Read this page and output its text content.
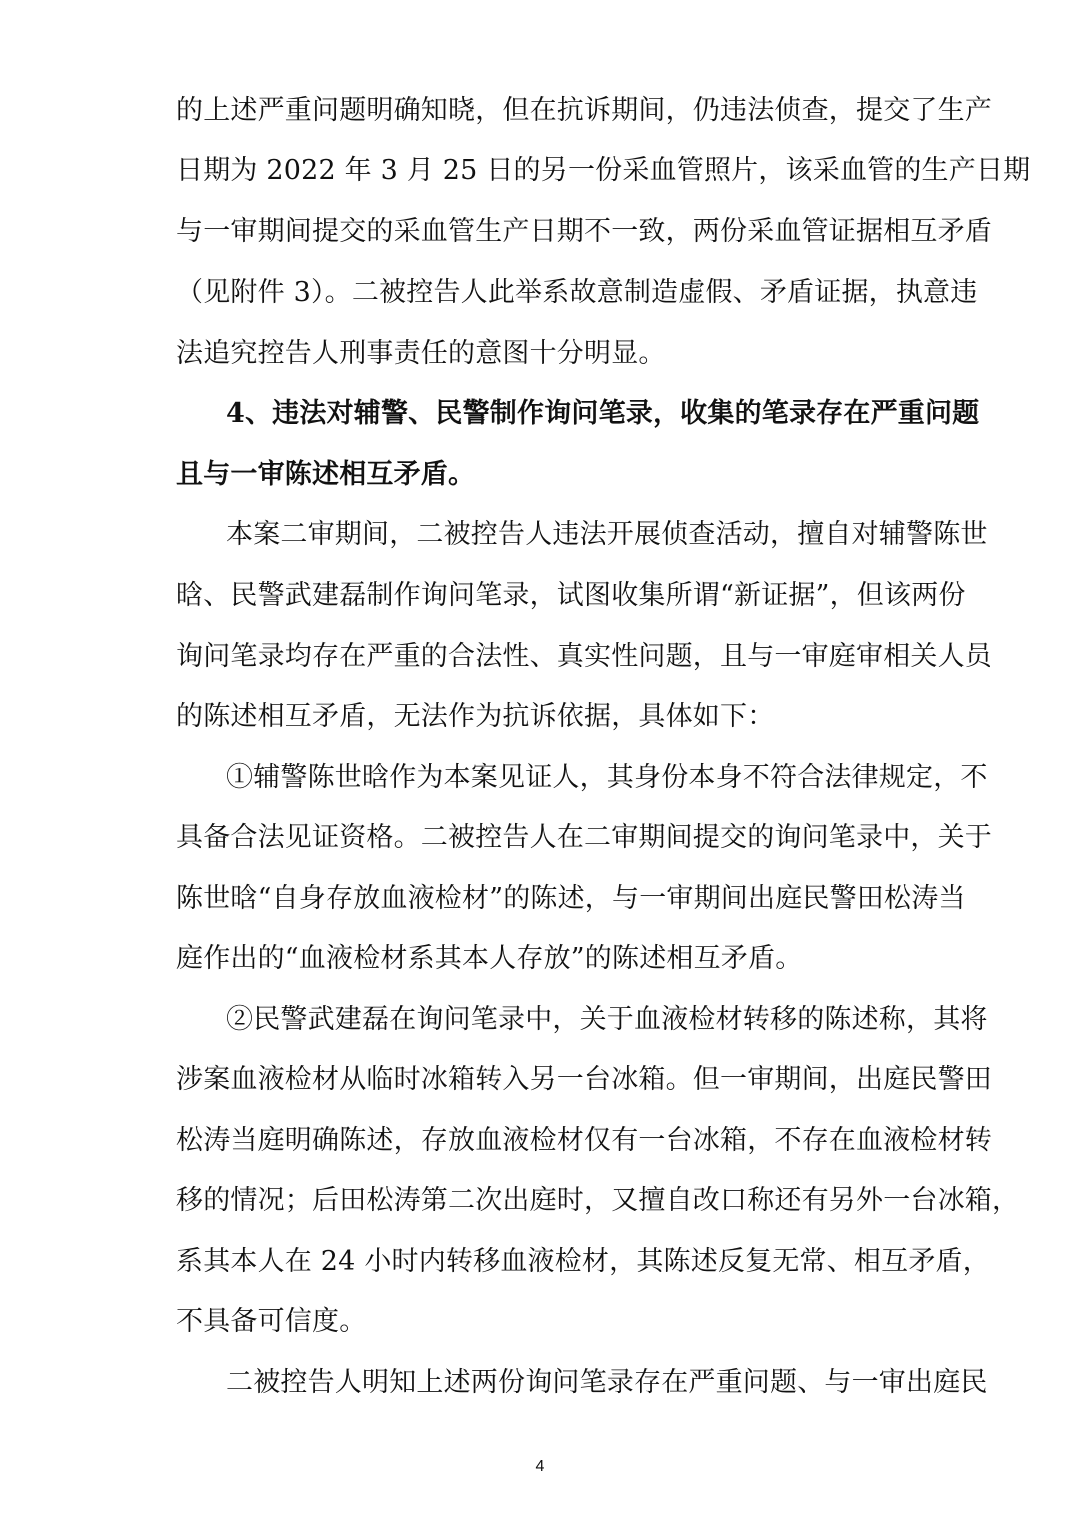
的上述严重问题明确知晓，但在抗诉期间，仍违法侦查，提交了生产
日期为 2022 年 3 月 25 日的另一份采血管照片，该采血管的生产日期
与一审期间提交的采血管生产日期不一致，两份采血管证据相互矛盾
（见附件 3）。二被控告人此举系故意制造虚假、矛盾证据，执意违
法追究控告人刑事责任的意图十分明显。
4、违法对辅警、民警制作询问笔录，收集的笔录存在严重问题
且与一审陈述相互矛盾。
本案二审期间，二被控告人违法开展侦查活动，擅自对辅警陈世
晗、民警武建磊制作询问笔录，试图收集所谓“新证据”，但该两份
询问笔录均存在严重的合法性、真实性问题，且与一审庭审相关人员
的陈述相互矛盾，无法作为抗诉依据，具体如下：
①辅警陈世晗作为本案见证人，其身份本身不符合法律规定，不
具备合法见证资格。二被控告人在二审期间提交的询问笔录中，关于
陈世晗“自身存放血液检材”的陈述，与一审期间出庭民警田松涛当
庭作出的“血液检材系其本人存放”的陈述相互矛盾。
②民警武建磊在询问笔录中，关于血液检材转移的陈述称，其将
涉案血液检材从临时冰箱转入另一台冰箱。但一审期间，出庭民警田
松涛当庭明确陈述，存放血液检材仅有一台冰箱，不存在血液检材转
移的情况；后田松涛第二次出庭时，又擅自改口称还有另外一台冰箱，
系其本人在 24 小时内转移血液检材，其陈述反复无常、相互矛盾，
不具备可信度。
二被控告人明知上述两份询问笔录存在严重问题、与一审出庭民
4
